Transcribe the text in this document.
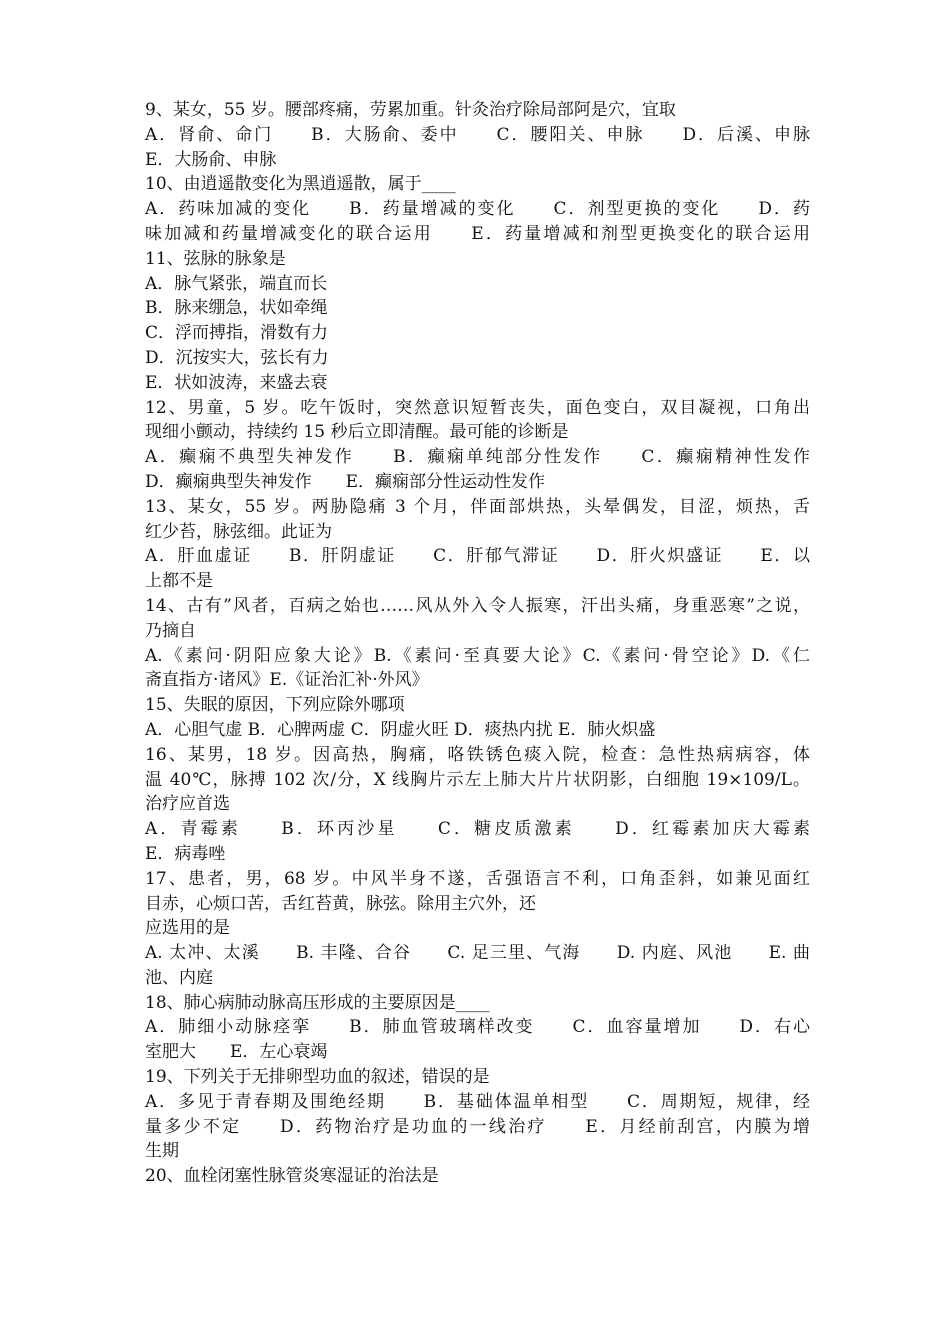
9、某女，55 岁。腰部疼痛，劳累加重。针灸治疗除局部阿是穴，宜取
A．肾俞、命门　　B．大肠俞、委中　　C．腰阳关、申脉　　D．后溪、申脉
E．大肠俞、申脉
10、由逍遥散变化为黑逍遥散，属于____
A．药味加减的变化　　B．药量增减的变化　　C．剂型更换的变化　　D．药
味加减和药量增减变化的联合运用　　E．药量增减和剂型更换变化的联合运用
11、弦脉的脉象是
A．脉气紧张，端直而长
B．脉来绷急，状如牵绳
C．浮而搏指，滑数有力
D．沉按实大，弦长有力
E．状如波涛，来盛去衰
12、男童，5 岁。吃午饭时，突然意识短暂丧失，面色变白，双目凝视，口角出
现细小颤动，持续约 15 秒后立即清醒。最可能的诊断是
A．癫痫不典型失神发作　　B．癫痫单纯部分性发作　　C．癫痫精神性发作
D．癫痫典型失神发作　　E．癫痫部分性运动性发作
13、某女，55 岁。两胁隐痛 3 个月，伴面部烘热，头晕偶发，目涩，烦热，舌
红少苔，脉弦细。此证为
A．肝血虚证　　B．肝阴虚证　　C．肝郁气滞证　　D．肝火炽盛证　　E．以
上都不是
14、古有”风者，百病之始也……风从外入令人振寒，汗出头痛，身重恶寒”之说，
乃摘自
A.《素问·阴阳应象大论》B.《素问·至真要大论》C.《素问·骨空论》D.《仁
斋直指方·诸风》E.《证治汇补·外风》
15、失眠的原因，下列应除外哪项
A．心胆气虚 B．心脾两虚 C．阴虚火旺 D．痰热内扰 E．肺火炽盛
16、某男，18 岁。因高热，胸痛，咯铁锈色痰入院，检查：急性热病病容，体
温 40℃，脉搏 102 次/分，X 线胸片示左上肺大片片状阴影，白细胞 19×109/L。
治疗应首选
A．青霉素　　B．环丙沙星　　C．糖皮质激素　　D．红霉素加庆大霉素
E．病毒唑
17、患者，男，68 岁。中风半身不遂，舌强语言不利，口角歪斜，如兼见面红
目赤，心烦口苦，舌红苔黄，脉弦。除用主穴外，还
应选用的是
A. 太冲、太溪　　B. 丰隆、合谷　　C. 足三里、气海　　D. 内庭、风池　　E. 曲
池、内庭
18、肺心病肺动脉高压形成的主要原因是____
A．肺细小动脉痉挛　　B．肺血管玻璃样改变　　C．血容量增加　　D．右心
室肥大　　E．左心衰竭
19、下列关于无排卵型功血的叙述，错误的是
A．多见于青春期及围绝经期　　B．基础体温单相型　　C．周期短，规律，经
量多少不定　　D．药物治疗是功血的一线治疗　　E．月经前刮宫，内膜为增
生期
20、血栓闭塞性脉管炎寒湿证的治法是
